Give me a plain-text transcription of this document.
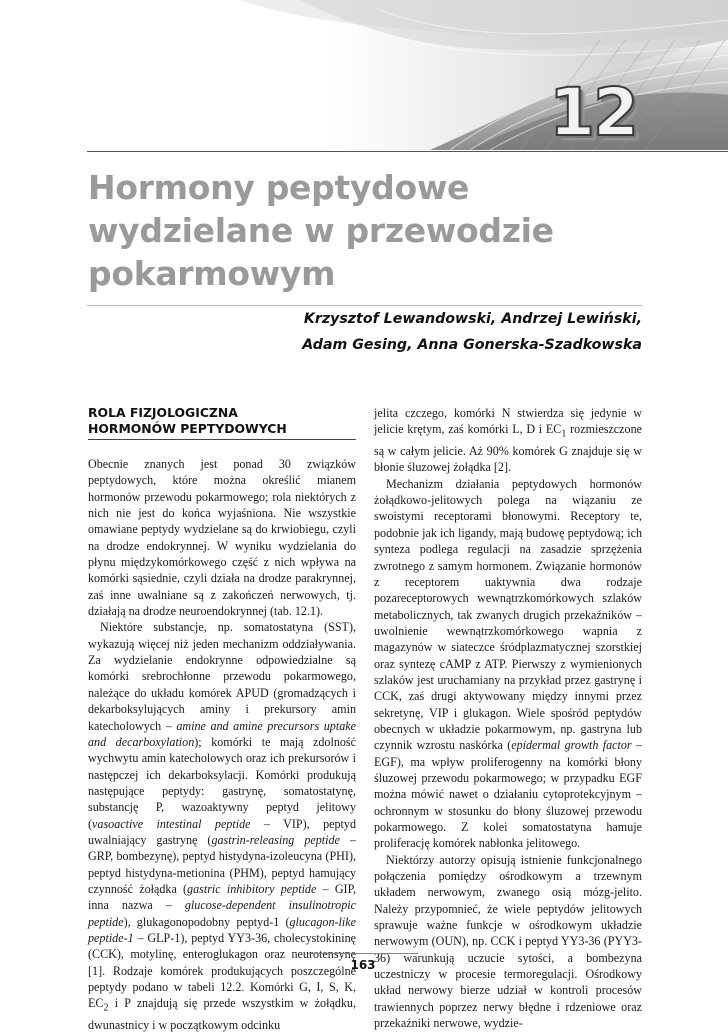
12
Hormony peptydowe
wydzielane w przewodzie
pokarmowym
Krzysztof Lewandowski, Andrzej Lewiński,
Adam Gesing, Anna Gonerska-Szadkowska
ROLA FIZJOLOGICZNA
HORMONÓW PEPTYDOWYCH

Obecnie znanych jest ponad 30 związków peptydowych, które można określić mianem hormonów przewodu pokarmowego; rola niektórych z nich nie jest do końca wyjaśniona. Nie wszystkie omawiane peptydy wydzielane są do krwiobiegu, czyli na drodze endokrynnej. W wyniku wydzielania do płynu międzykomórkowego część z nich wpływa na komórki sąsiednie, czyli działa na drodze parakrynnej, zaś inne uwalniane są z zakończeń nerwowych, tj. działają na drodze neuroendokrynnej (tab. 12.1).

Niektóre substancje, np. somatostatyna (SST), wykazują więcej niż jeden mechanizm oddziaływania. Za wydzielanie endokrynne odpowiedzialne są komórki srebrochłonne przewodu pokarmowego, należące do układu komórek APUD (gromadzących i dekarboksylujących aminy i prekursory amin katecholowych – amine and amine precursors uptake and decarboxylation); komórki te mają zdolność wychwytu amin katecholowych oraz ich prekursorów i następczej ich dekarboksylacji. Komórki produkują następujące peptydy: gastrynę, somatostatynę, substancję P, wazoaktywny peptyd jelitowy (vasoactive intestinal peptide – VIP), peptyd uwalniający gastrynę (gastrin-releasing peptide – GRP, bombezynę), peptyd histydyna-izoleucyna (PHI), peptyd histydyna-metionina (PHM), peptyd hamujący czynność żołądka (gastric inhibitory peptide – GIP, inna nazwa – glucose-dependent insulinotropic peptide), glukagonopodobny peptyd-1 (glucagon-like peptide-1 – GLP-1), peptyd YY3-36, cholecystokininę (CCK), motylinę, enteroglukagon oraz neurotensynę [1]. Rodzaje komórek produkujących poszczególne peptydy podano w tabeli 12.2. Komórki G, I, S, K, $EC_2$ i P znajdują się przede wszystkim w żołądku, dwunastnicy i w początkowym odcinku

jelita czczego, komórki N stwierdza się jedynie w jelicie krętym, zaś komórki L, D i $EC_1$ rozmieszczone są w całym jelicie. Aż 90% komórek G znajduje się w błonie śluzowej żołądka [2].

Mechanizm działania peptydowych hormonów żołądkowo-jelitowych polega na wiązaniu ze swoistymi receptorami błonowymi. Receptory te, podobnie jak ich ligandy, mają budowę peptydową; ich synteza podlega regulacji na zasadzie sprzężenia zwrotnego z samym hormonem. Związanie hormonów z receptorem uaktywnia dwa rodzaje pozareceptorowych wewnątrzkomórkowych szlaków metabolicznych, tak zwanych drugich przekaźników – uwolnienie wewnątrzkomórkowego wapnia z magazynów w siateczce śródplazmatycznej szorstkiej oraz syntezę cAMP z ATP. Pierwszy z wymienionych szlaków jest uruchamiany na przykład przez gastrynę i CCK, zaś drugi aktywowany między innymi przez sekretynę, VIP i glukagon. Wiele spośród peptydów obecnych w układzie pokarmowym, np. gastryna lub czynnik wzrostu naskórka (epidermal growth factor – EGF), ma wpływ proliferogenny na komórki błony śluzowej przewodu pokarmowego; w przypadku EGF można mówić nawet o działaniu cytoprotekcyjnym – ochronnym w stosunku do błony śluzowej przewodu pokarmowego. Z kolei somatostatyna hamuje proliferację komórek nabłonka jelitowego.

Niektórzy autorzy opisują istnienie funkcjonalnego połączenia pomiędzy ośrodkowym a trzewnym układem nerwowym, zwanego osią mózg-jelito. Należy przypomnieć, że wiele peptydów jelitowych sprawuje ważne funkcje w ośrodkowym układzie nerwowym (OUN), np. CCK i peptyd YY3-36 (PYY3-36) warunkują uczucie sytości, a bombezyna uczestniczy w procesie termoregulacji. Ośrodkowy układ nerwowy bierze udział w kontroli procesów trawiennych poprzez nerwy błędne i rdzeniowe oraz przekaźniki nerwowe, wydzie-

163
